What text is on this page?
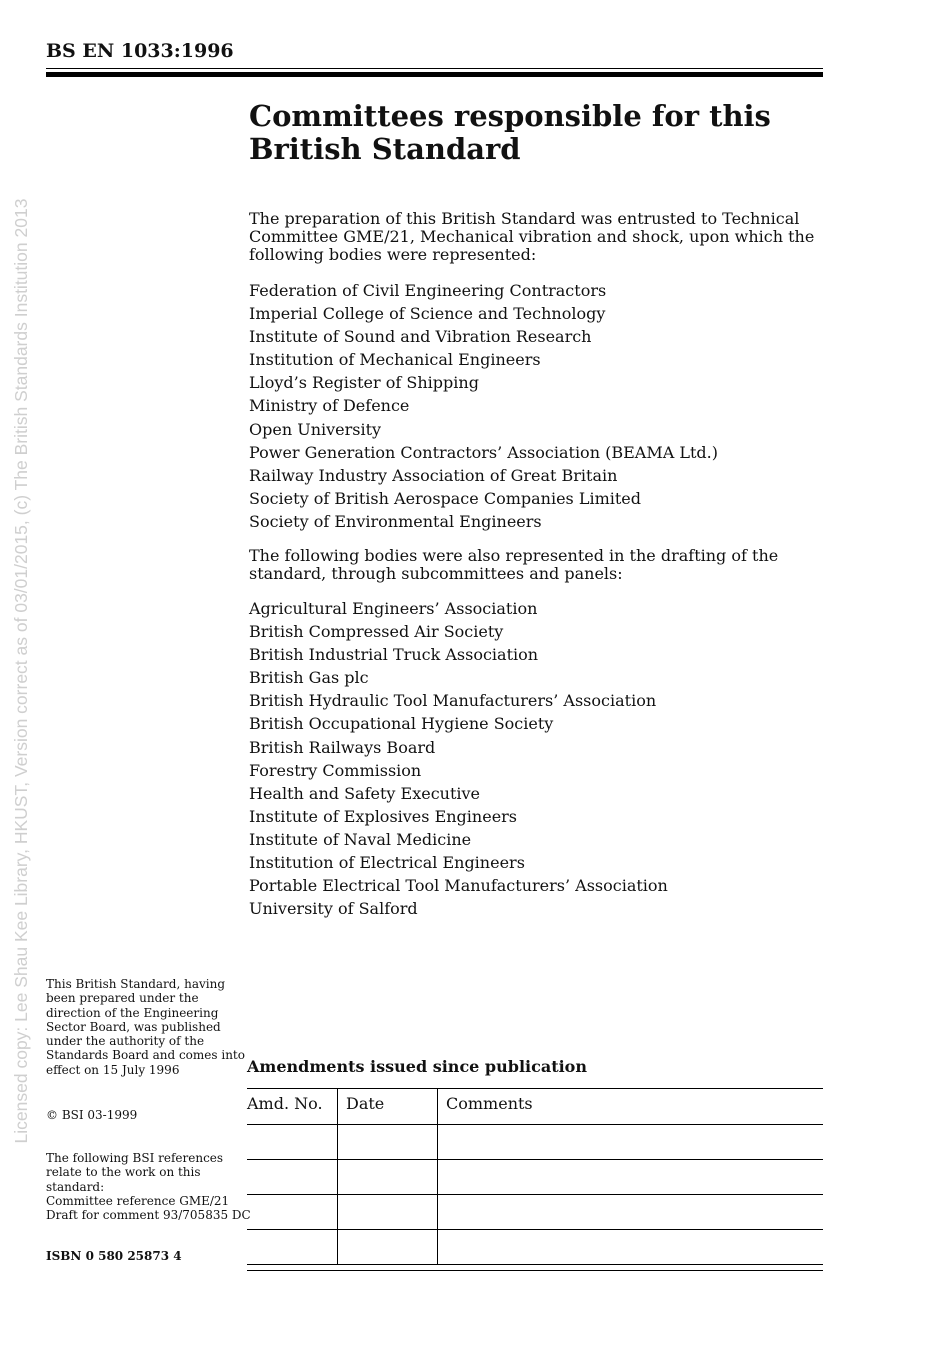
BS EN 1033:1996
Licensed copy: Lee Shau Kee Library, HKUST, Version correct as of 03/01/2015, (c) The British Standards Institution 2013
Committees responsible for this British Standard

The preparation of this British Standard was entrusted to Technical Committee GME/21, Mechanical vibration and shock, upon which the following bodies were represented:

Federation of Civil Engineering Contractors
Imperial College of Science and Technology
Institute of Sound and Vibration Research
Institution of Mechanical Engineers
Lloyd’s Register of Shipping
Ministry of Defence
Open University
Power Generation Contractors’ Association (BEAMA Ltd.)
Railway Industry Association of Great Britain
Society of British Aerospace Companies Limited
Society of Environmental Engineers

The following bodies were also represented in the drafting of the standard, through subcommittees and panels:

Agricultural Engineers’ Association
British Compressed Air Society
British Industrial Truck Association
British Gas plc
British Hydraulic Tool Manufacturers’ Association
British Occupational Hygiene Society
British Railways Board
Forestry Commission
Health and Safety Executive
Institute of Explosives Engineers
Institute of Naval Medicine
Institution of Electrical Engineers
Portable Electrical Tool Manufacturers’ Association
University of Salford

This British Standard, having been prepared under the direction of the Engineering Sector Board, was published under the authority of the Standards Board and comes into effect on 15 July 1996

© BSI 03-1999

The following BSI references relate to the work on this standard:
Committee reference GME/21
Draft for comment 93/705835 DC

ISBN 0 580 25873 4

Amendments issued since publication

Amd. No.	Date	Comments
